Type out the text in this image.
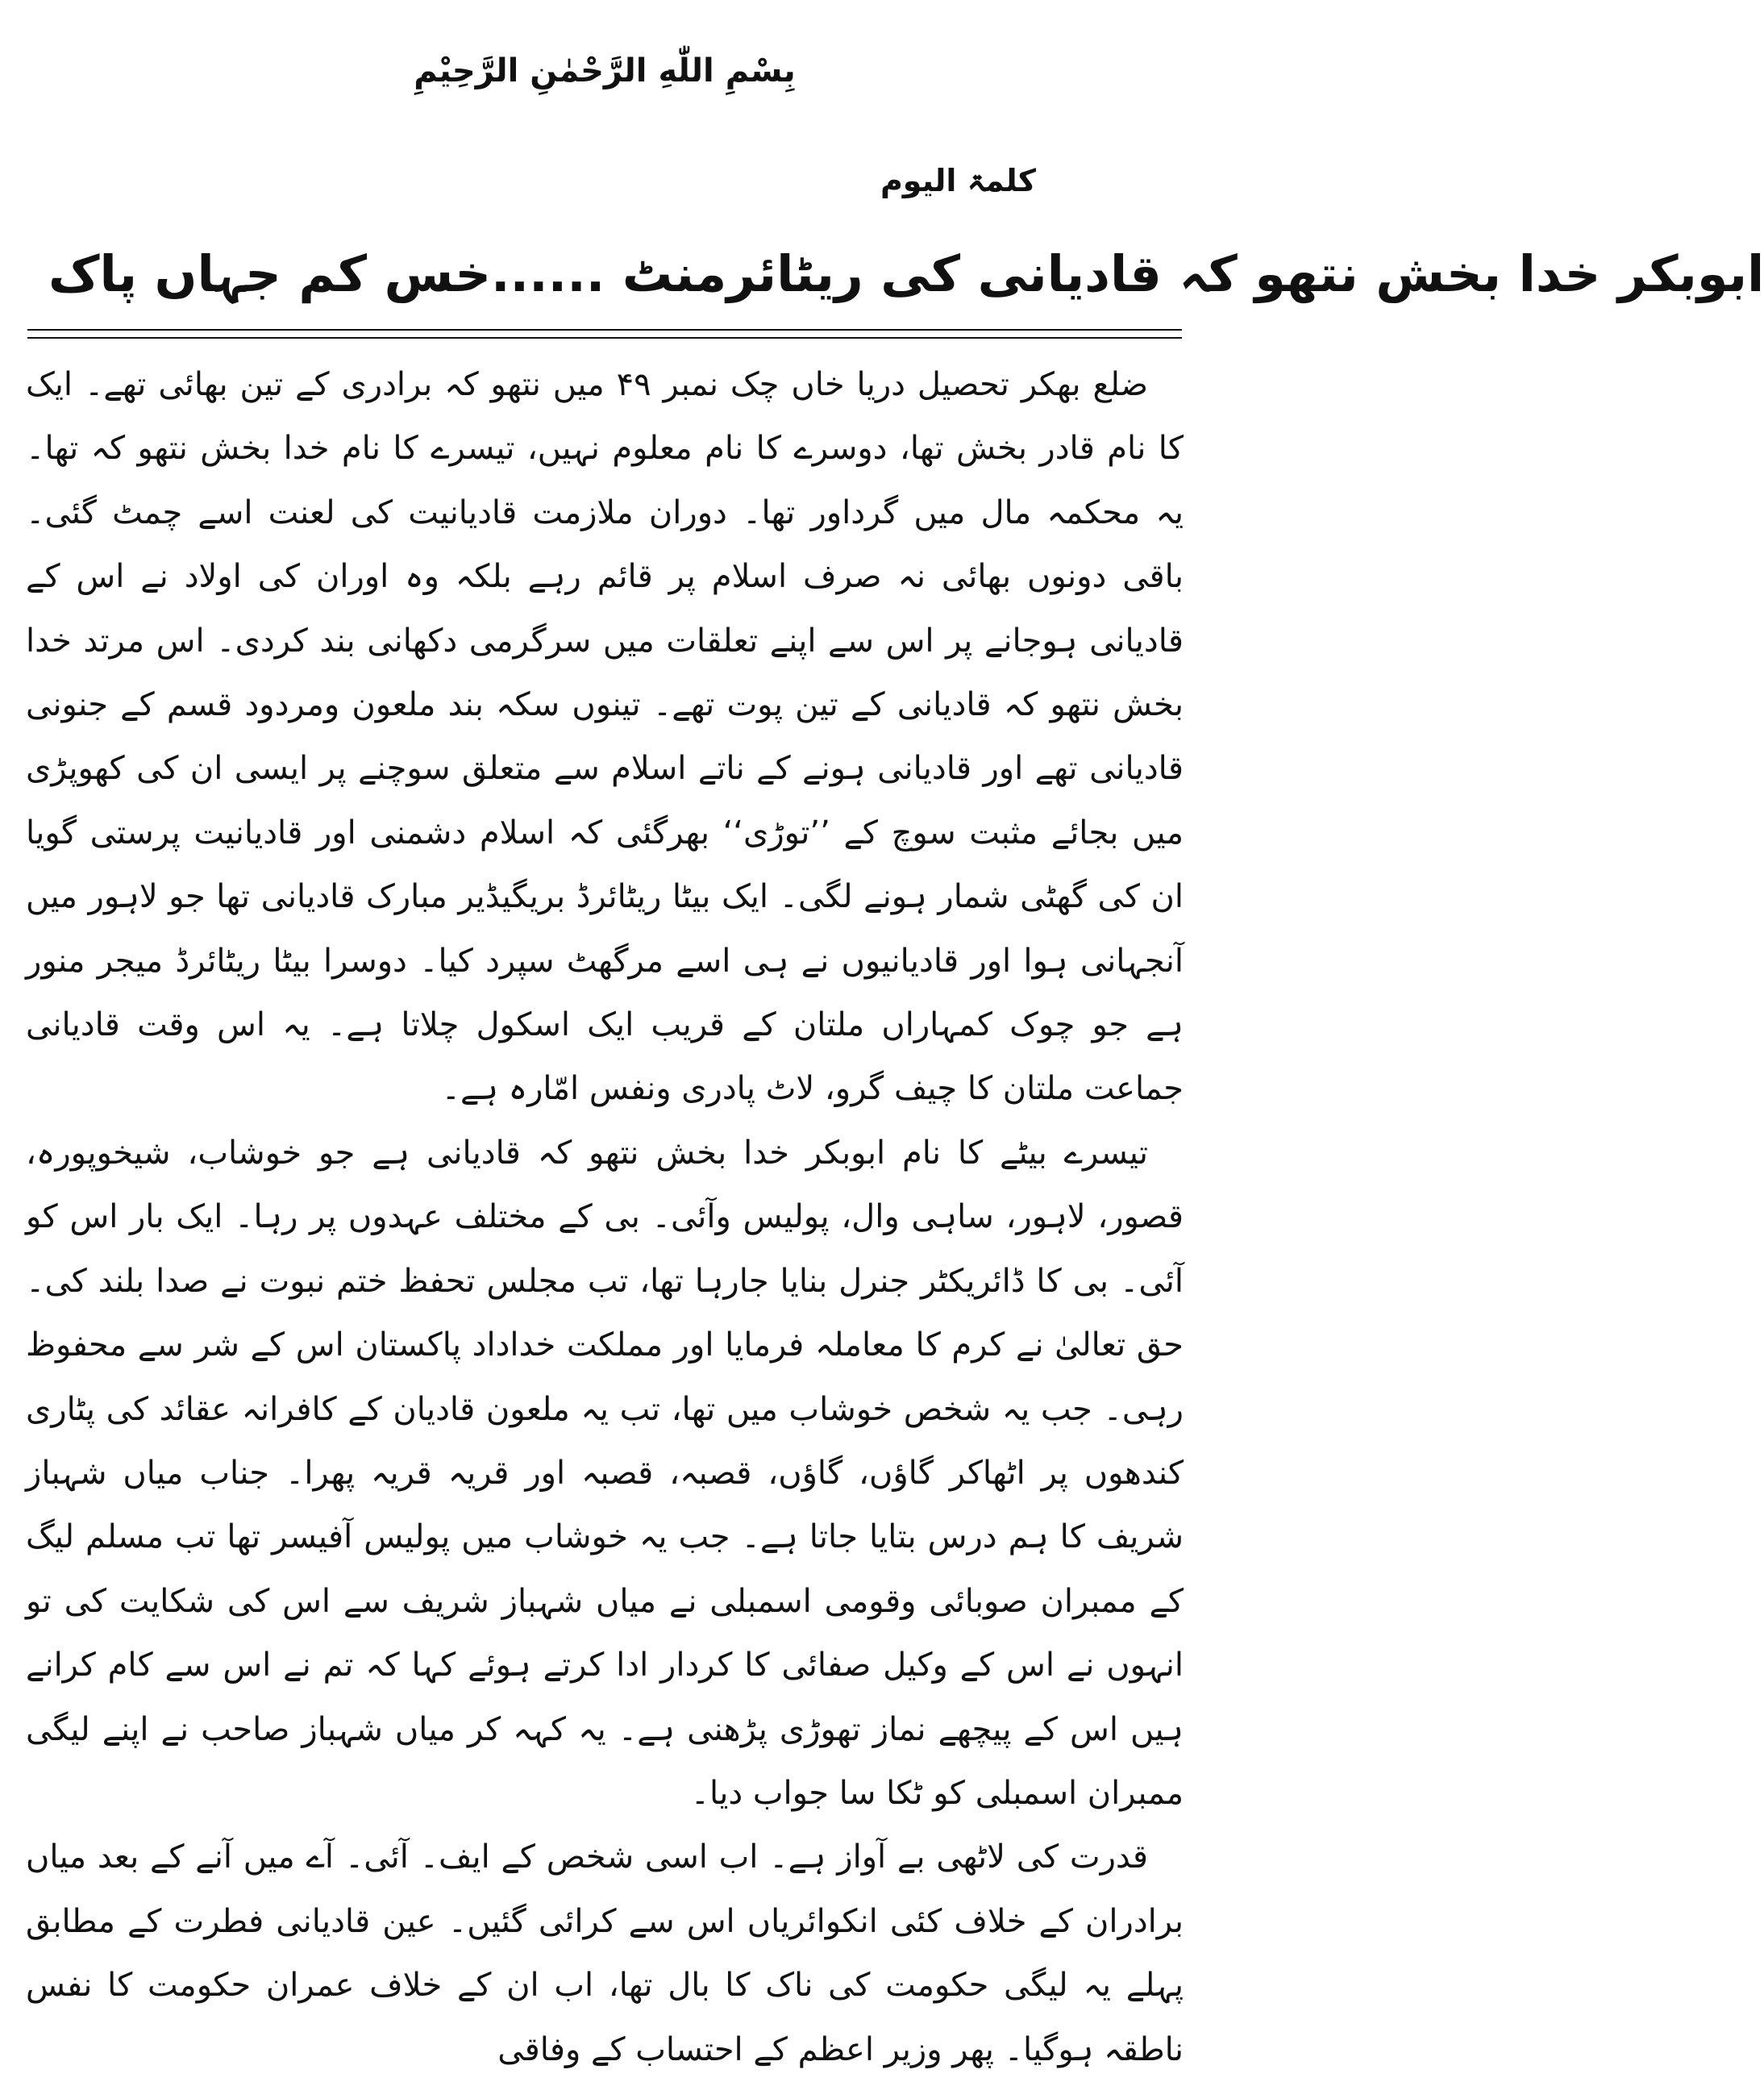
بِسْمِ اللّٰهِ الرَّحْمٰنِ الرَّحِيْمِ
کلمۃ الیوم
ابوبکر خدا بخش نتھو کہ قادیانی کی ریٹائرمنٹ ......خس کم جہاں پاک

ضلع بھکر تحصیل دریا خاں چک نمبر ۴۹ میں نتھو کہ برادری کے تین بھائی تھے۔ ایک کا نام قادر بخش تھا، دوسرے کا نام معلوم نہیں، تیسرے کا نام خدا بخش نتھو کہ تھا۔ یہ محکمہ مال میں گرداور تھا۔ دوران ملازمت قادیانیت کی لعنت اسے چمٹ گئی۔ باقی دونوں بھائی نہ صرف اسلام پر قائم رہے بلکہ وہ اوران کی اولاد نے اس کے قادیانی ہوجانے پر اس سے اپنے تعلقات میں سرگرمی دکھانی بند کردی۔ اس مرتد خدا بخش نتھو کہ قادیانی کے تین پوت تھے۔ تینوں سکہ بند ملعون ومردود قسم کے جنونی قادیانی تھے اور قادیانی ہونے کے ناتے اسلام سے متعلق سوچنے پر ایسی ان کی کھوپڑی میں بجائے مثبت سوچ کے ’’توڑی‘‘ بھرگئی کہ اسلام دشمنی اور قادیانیت پرستی گویا ان کی گھٹی شمار ہونے لگی۔ ایک بیٹا ریٹائرڈ بریگیڈیر مبارک قادیانی تھا جو لاہور میں آنجہانی ہوا اور قادیانیوں نے ہی اسے مرگھٹ سپرد کیا۔ دوسرا بیٹا ریٹائرڈ میجر منور ہے جو چوک کمہاراں ملتان کے قریب ایک اسکول چلاتا ہے۔ یہ اس وقت قادیانی جماعت ملتان کا چیف گرو، لاٹ پادری ونفس امّارہ ہے۔

تیسرے بیٹے کا نام ابوبکر خدا بخش نتھو کہ قادیانی ہے جو خوشاب، شیخوپورہ، قصور، لاہور، ساہی وال، پولیس وآئی۔ بی کے مختلف عہدوں پر رہا۔ ایک بار اس کو آئی۔ بی کا ڈائریکٹر جنرل بنایا جارہا تھا، تب مجلس تحفظ ختم نبوت نے صدا بلند کی۔ حق تعالیٰ نے کرم کا معاملہ فرمایا اور مملکت خداداد پاکستان اس کے شر سے محفوظ رہی۔ جب یہ شخص خوشاب میں تھا، تب یہ ملعون قادیان کے کافرانہ عقائد کی پٹاری کندھوں پر اٹھاکر گاؤں، گاؤں، قصبہ، قصبہ اور قریہ قریہ پھرا۔ جناب میاں شہباز شریف کا ہم درس بتایا جاتا ہے۔ جب یہ خوشاب میں پولیس آفیسر تھا تب مسلم لیگ کے ممبران صوبائی وقومی اسمبلی نے میاں شہباز شریف سے اس کی شکایت کی تو انہوں نے اس کے وکیل صفائی کا کردار ادا کرتے ہوئے کہا کہ تم نے اس سے کام کرانے ہیں اس کے پیچھے نماز تھوڑی پڑھنی ہے۔ یہ کہہ کر میاں شہباز صاحب نے اپنے لیگی ممبران اسمبلی کو ٹکا سا جواب دیا۔

قدرت کی لاٹھی بے آواز ہے۔ اب اسی شخص کے ایف۔ آئی۔ آے میں آنے کے بعد میاں برادران کے خلاف کئی انکوائریاں اس سے کرائی گئیں۔ عین قادیانی فطرت کے مطابق پہلے یہ لیگی حکومت کی ناک کا بال تھا، اب ان کے خلاف عمران حکومت کا نفس ناطقہ ہوگیا۔ پھر وزیر اعظم کے احتساب کے وفاقی
